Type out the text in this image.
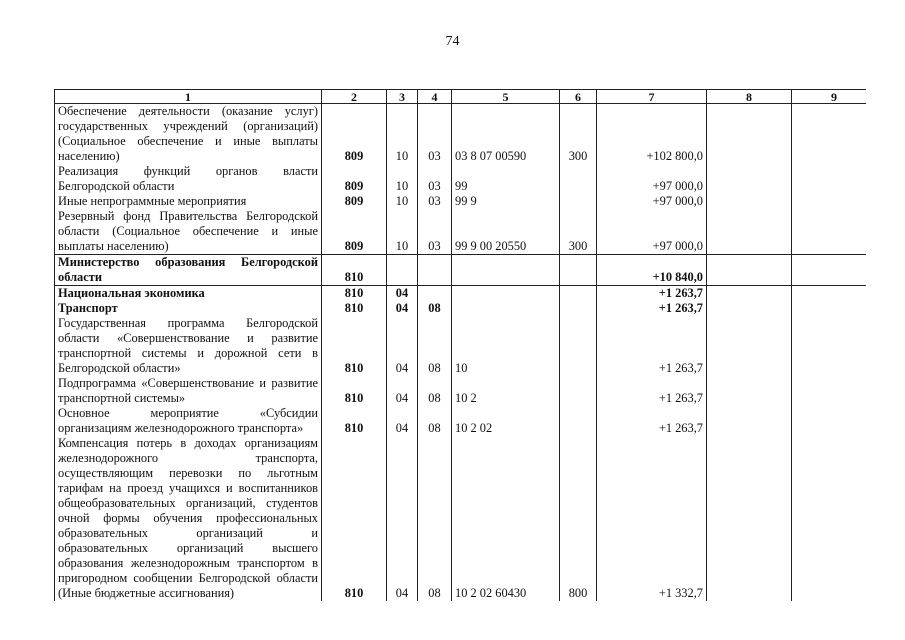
74
1	2	3	4	5	6	7	8	9
Обеспечение деятельности (оказание услуг) государственных учреждений (организаций) (Социальное обеспечение и иные выплаты населению)	809	10	03	03 8 07 00590	300	+102 800,0		
Реализация функций органов власти Белгородской области	809	10	03	99		+97 000,0		
Иные непрограммные мероприятия	809	10	03	99 9		+97 000,0		
Резервный фонд Правительства Белгородской области (Социальное обеспечение и иные выплаты населению)	809	10	03	99 9 00 20550	300	+97 000,0		
Министерство образования Белгородской области	810					+10 840,0		
Национальная экономика	810	04				+1 263,7		
Транспорт	810	04	08			+1 263,7		
Государственная программа Белгородской области «Совершенствование и развитие транспортной системы и дорожной сети в Белгородской области»	810	04	08	10		+1 263,7		
Подпрограмма «Совершенствование и развитие транспортной системы»	810	04	08	10 2		+1 263,7		
Основное мероприятие «Субсидии организациям железнодорожного транспорта»	810	04	08	10 2 02		+1 263,7		
Компенсация потерь в доходах организациям железнодорожного транспорта, осуществляющим перевозки по льготным тарифам на проезд учащихся и воспитанников общеобразовательных организаций, студентов очной формы обучения профессиональных образовательных организаций и образовательных организаций высшего образования железнодорожным транспортом в пригородном сообщении Белгородской области (Иные бюджетные ассигнования)	810	04	08	10 2 02 60430	800	+1 332,7		
